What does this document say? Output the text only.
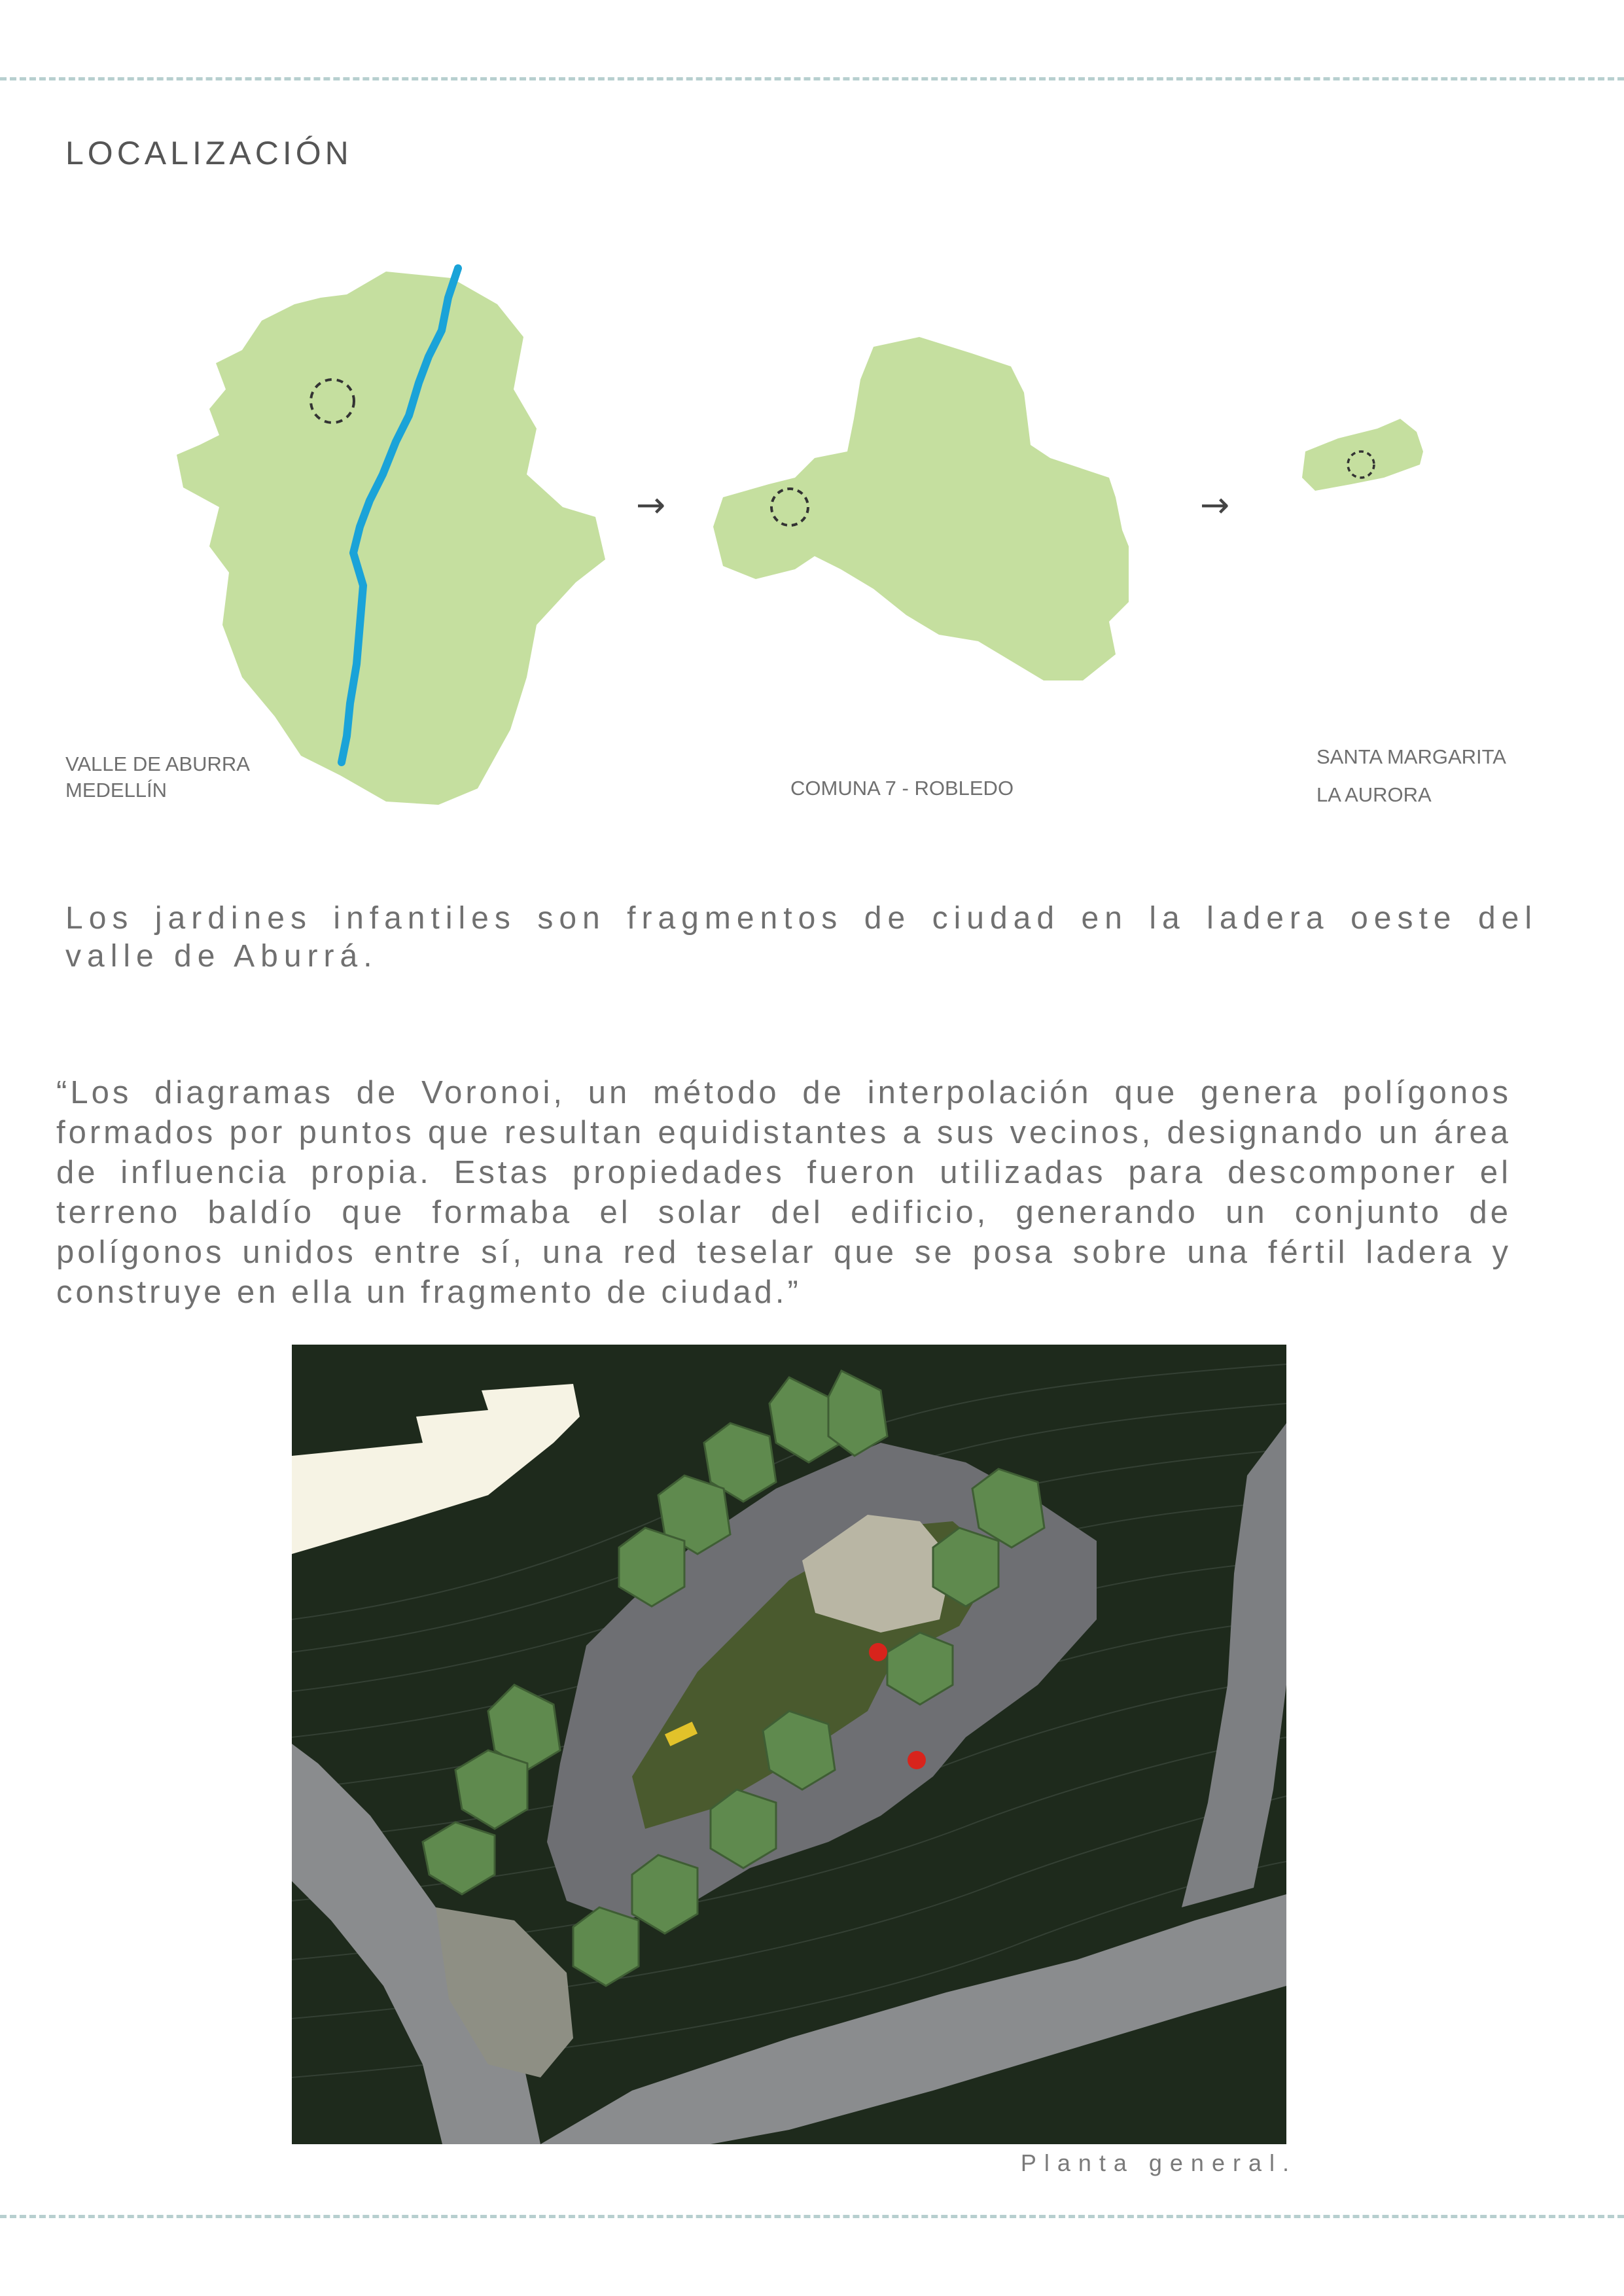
LOCALIZACIÓN
VALLE DE ABURRA
MEDELLÍN
→
COMUNA 7 - ROBLEDO
→
SANTA MARGARITA
LA AURORA
Los jardines infantiles son fragmentos de ciudad en la ladera oeste del valle de Aburrá.
“Los diagramas de Voronoi, un método de interpolación que genera polígonos formados por puntos que resultan equidistantes a sus vecinos, designando un área de influencia propia. Estas propiedades fueron utilizadas para descomponer el terreno baldío que formaba el solar del edificio, generando un conjunto de polígonos unidos entre sí, una red teselar que se posa sobre una fértil ladera y construye en ella un fragmento de ciudad.”
Planta general.
